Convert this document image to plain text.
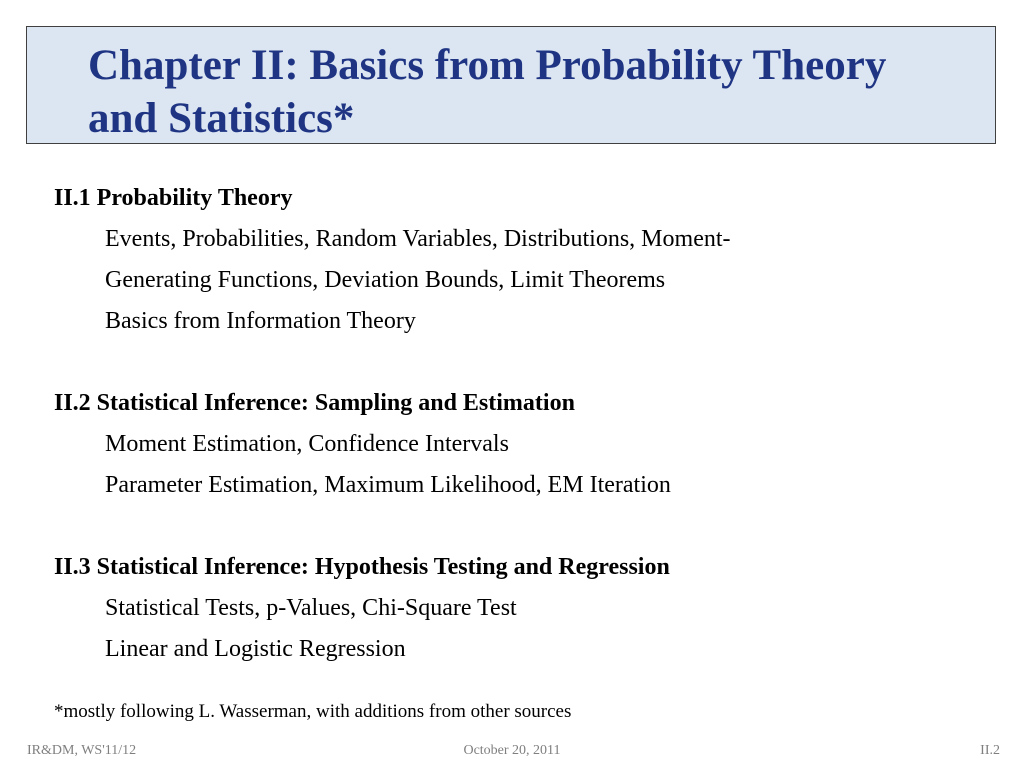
Chapter II: Basics from Probability Theory
and Statistics*
II.1 Probability Theory
Events, Probabilities, Random Variables, Distributions, Moment-
Generating Functions, Deviation Bounds, Limit Theorems
Basics from Information Theory
II.2 Statistical Inference: Sampling and Estimation
Moment Estimation, Confidence Intervals
Parameter Estimation, Maximum Likelihood, EM Iteration
II.3 Statistical Inference: Hypothesis Testing and Regression
Statistical Tests, p-Values, Chi-Square Test
Linear and Logistic Regression
*mostly following L. Wasserman, with additions from other sources
IR&DM, WS'11/12	October 20, 2011	II.2
